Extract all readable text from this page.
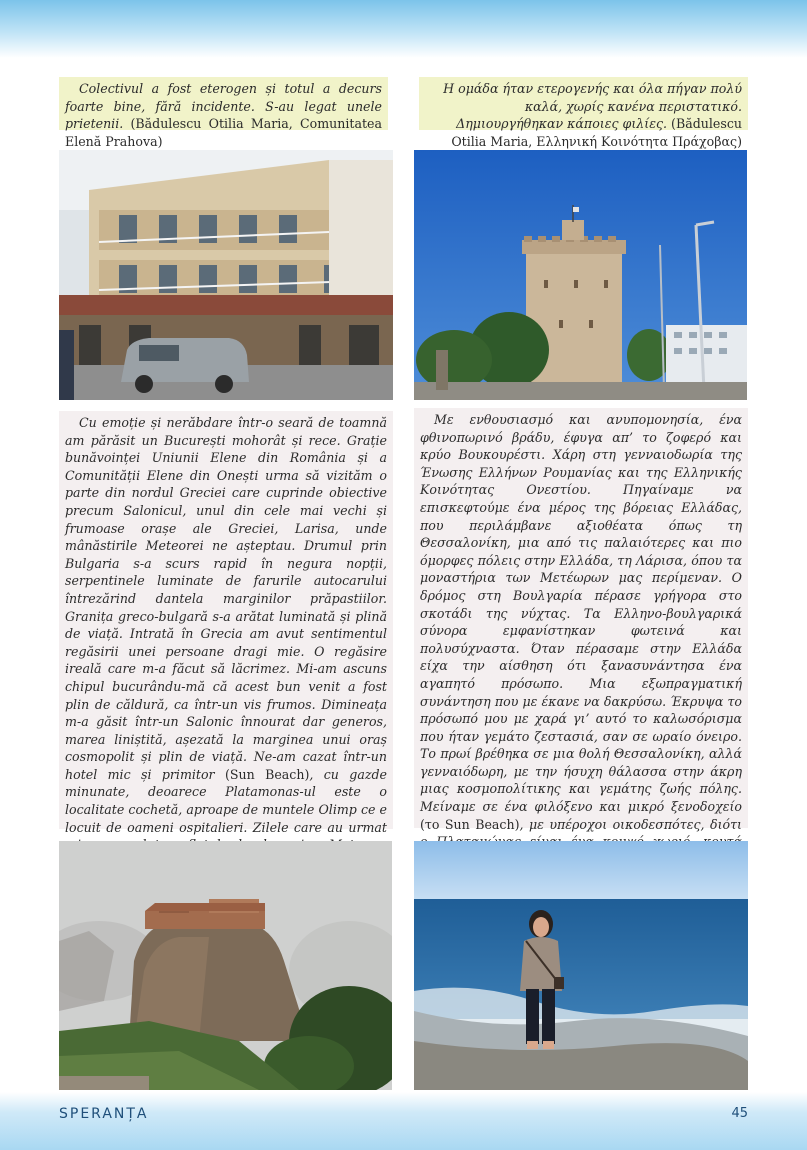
Colectivul a fost eterogen și totul a decurs foarte bine, fără incidente. S-au legat unele prietenii. (Bădulescu Otilia Maria, Comunitatea Elenă Prahova)

Η ομάδα ήταν ετερογενής και όλα πήγαν πολύ καλά, χωρίς κανένα περιστατικό. Δημιουργήθηκαν κάποιες φιλίες. (Bădulescu Otilia Maria, Ελληνική Κοινότητα Πράχοβας)

Cu emoție și nerăbdare într-o seară de toamnă am părăsit un București mohorât și rece. Grație bunăvoinței Uniunii Elene din România și a Comunității Elene din Onești urma să vizităm o parte din nordul Greciei care cuprinde obiective precum Salonicul, unul din cele mai vechi și frumoase orașe ale Greciei, Larisa, unde mânăstirile Meteorei ne așteptau. Drumul prin Bulgaria s-a scurs rapid în negura nopții, serpentinele luminate de farurile autocarului întrezărind dantela marginilor prăpastiilor. Granița greco-bulgară s-a arătat luminată și plină de viață. Intrată în Grecia am avut sentimentul regăsirii unei persoane dragi mie. O regăsire ireală care m-a făcut să lăcrimez. Mi-am ascuns chipul bucurându-mă că acest bun venit a fost plin de căldură, ca într-un vis frumos. Dimineața m-a găsit într-un Salonic înnourat dar generos, marea liniștită, așezată la marginea unui oraș cosmopolit și plin de viață. Ne-am cazat într-un hotel mic și primitor (Sun Beach), cu gazde minunate, deoarece Platamonas-ul este o localitate cochetă, aproape de muntele Olimp ce e locuit de oameni ospitalieri. Zilele care au urmat

Με ενθουσιασμό και ανυπομονησία, ένα φθινοπωρινό βράδυ, έφυγα απ’ το ζοφερό και κρύο Βουκουρέστι. Χάρη στη γενναιοδωρία της Ένωσης Ελλήνων Ρουμανίας και της Ελληνικής Κοινότητας Ονεστίου. Πηγαίναμε να επισκεφτούμε ένα μέρος της βόρειας Ελλάδας, που περιλάμβανε αξιοθέατα όπως τη Θεσσαλονίκη, μια από τις παλαιότερες και πιο όμορφες πόλεις στην Ελλάδα, τη Λάρισα, όπου τα μοναστήρια των Μετέωρων μας περίμεναν. Ο δρόμος στη Βουλγαρία πέρασε γρήγορα στο σκοτάδι της νύχτας. Τα Ελληνο-βουλγαρικά σύνορα εμφανίστηκαν φωτεινά και πολυσύχναστα. Όταν πέρασαμε στην Ελλάδα είχα την αίσθηση ότι ξανασυνάντησα ένα αγαπητό πρόσωπο. Μια εξωπραγματική συνάντηση που με έκανε να δακρύσω. Έκρυψα το πρόσωπό μου με χαρά γι’ αυτό το καλωσόρισμα που ήταν γεμάτο ζεστασιά, σαν σε ωραίο όνειρο. Το πρωί βρέθηκα σε μια θολή Θεσσαλονίκη, αλλά γενναιόδωρη, με την ήσυχη θάλασσα στην άκρη μιας κοσμοπολίτικης και γεμάτης ζωής πόλης. Μείναμε σε ένα φιλόξενο και μικρό ξενοδοχείο (το Sun Beach), με υπέροχοι οικοδεσπότες, διότι

SPERANȚA	45
